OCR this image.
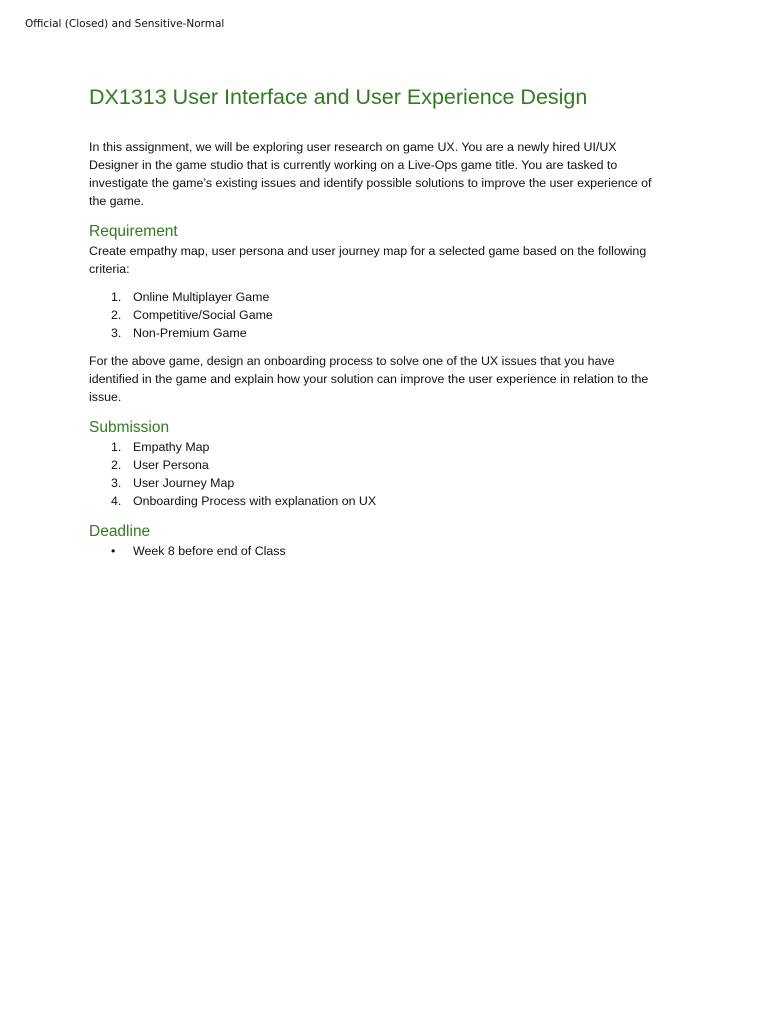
Official (Closed) and Sensitive-Normal
DX1313 User Interface and User Experience Design

In this assignment, we will be exploring user research on game UX. You are a newly hired UI/UX Designer in the game studio that is currently working on a Live-Ops game title. You are tasked to investigate the game’s existing issues and identify possible solutions to improve the user experience of the game.

Requirement

Create empathy map, user persona and user journey map for a selected game based on the following criteria:

1. Online Multiplayer Game
2. Competitive/Social Game
3. Non-Premium Game

For the above game, design an onboarding process to solve one of the UX issues that you have identified in the game and explain how your solution can improve the user experience in relation to the issue.

Submission
1. Empathy Map
2. User Persona
3. User Journey Map
4. Onboarding Process with explanation on UX
Deadline
•	Week 8 before end of Class
